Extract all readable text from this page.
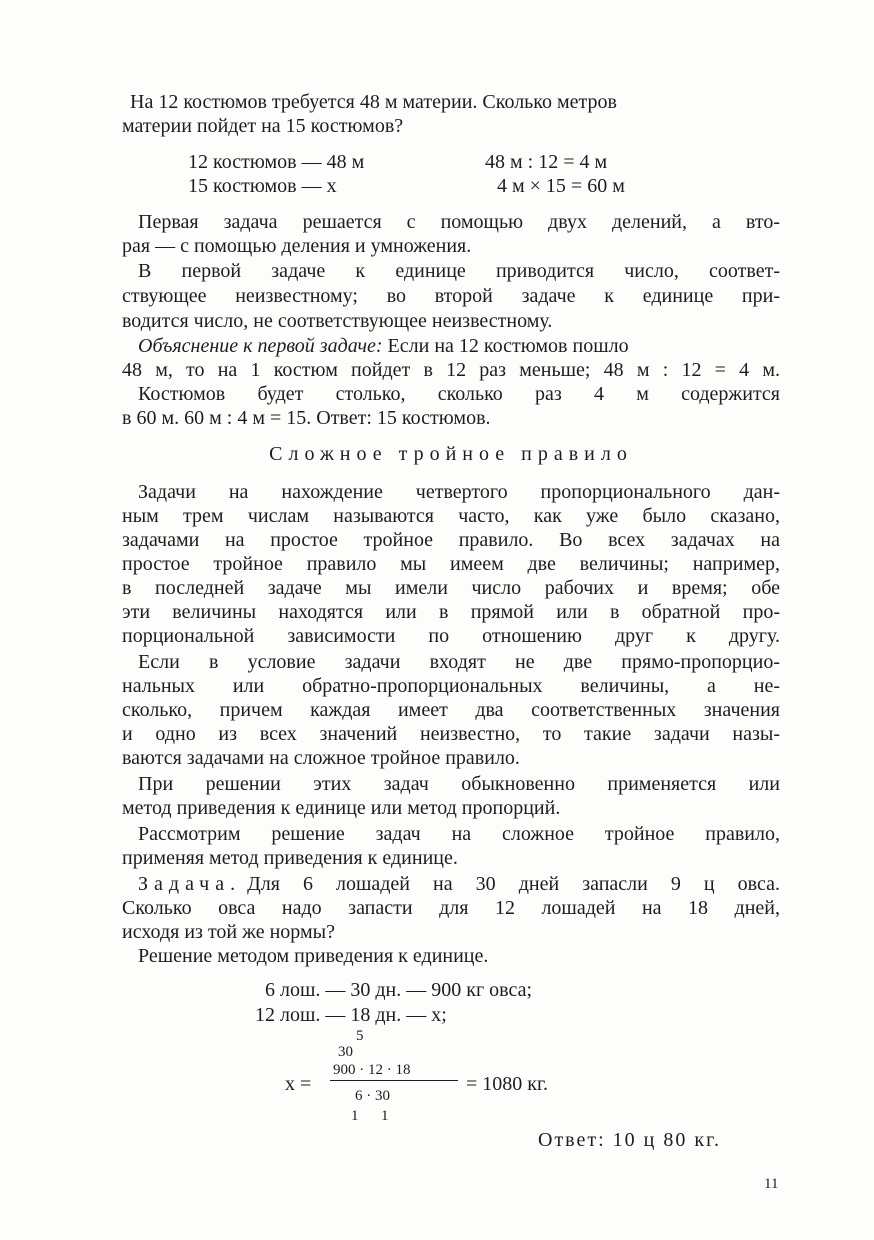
На 12 костюмов требуется 48 м материи. Сколько метров
материи пойдет на 15 костюмов?
12 костюмов — 48 м
15 костюмов — x
48 м : 12 = 4 м
4 м × 15 = 60 м
Первая задача решается с помощью двух делений, а вто-
рая — с помощью деления и умножения.
В первой задаче к единице приводится число, соответ-
ствующее неизвестному; во второй задаче к единице при-
водится число, не соответствующее неизвестному.
Объяснение к первой задаче: Если на 12 костюмов пошло
48 м, то на 1 костюм пойдет в 12 раз меньше; 48 м : 12 = 4 м.
Костюмов будет столько, сколько раз 4 м содержится
в 60 м. 60 м : 4 м = 15. Ответ: 15 костюмов.
Сложное тройное правило
Задачи на нахождение четвертого пропорционального дан-
ным трем числам называются часто, как уже было сказано,
задачами на простое тройное правило. Во всех задачах на
простое тройное правило мы имеем две величины; например,
в последней задаче мы имели число рабочих и время; обе
эти величины находятся или в прямой или в обратной про-
порциональной зависимости по отношению друг к другу.
Если в условие задачи входят не две прямо-пропорцио-
нальных или обратно-пропорциональных величины, а не-
сколько, причем каждая имеет два соответственных значения
и одно из всех значений неизвестно, то такие задачи назы-
ваются задачами на сложное тройное правило.
При решении этих задач обыкновенно применяется или
метод приведения к единице или метод пропорций.
Рассмотрим решение задач на сложное тройное правило,
применяя метод приведения к единице.
Задача. Для 6 лошадей на 30 дней запасли 9 ц овса.
Сколько овса надо запасти для 12 лошадей на 18 дней,
исходя из той же нормы?
Решение методом приведения к единице.
6 лош. — 30 дн. — 900 кг овса;
12 лош. — 18 дн. — x;
5
30
x =
900 · 12 · 18
6 · 30
= 1080 кг.
1 1
Ответ: 10 ц 80 кг.
11
